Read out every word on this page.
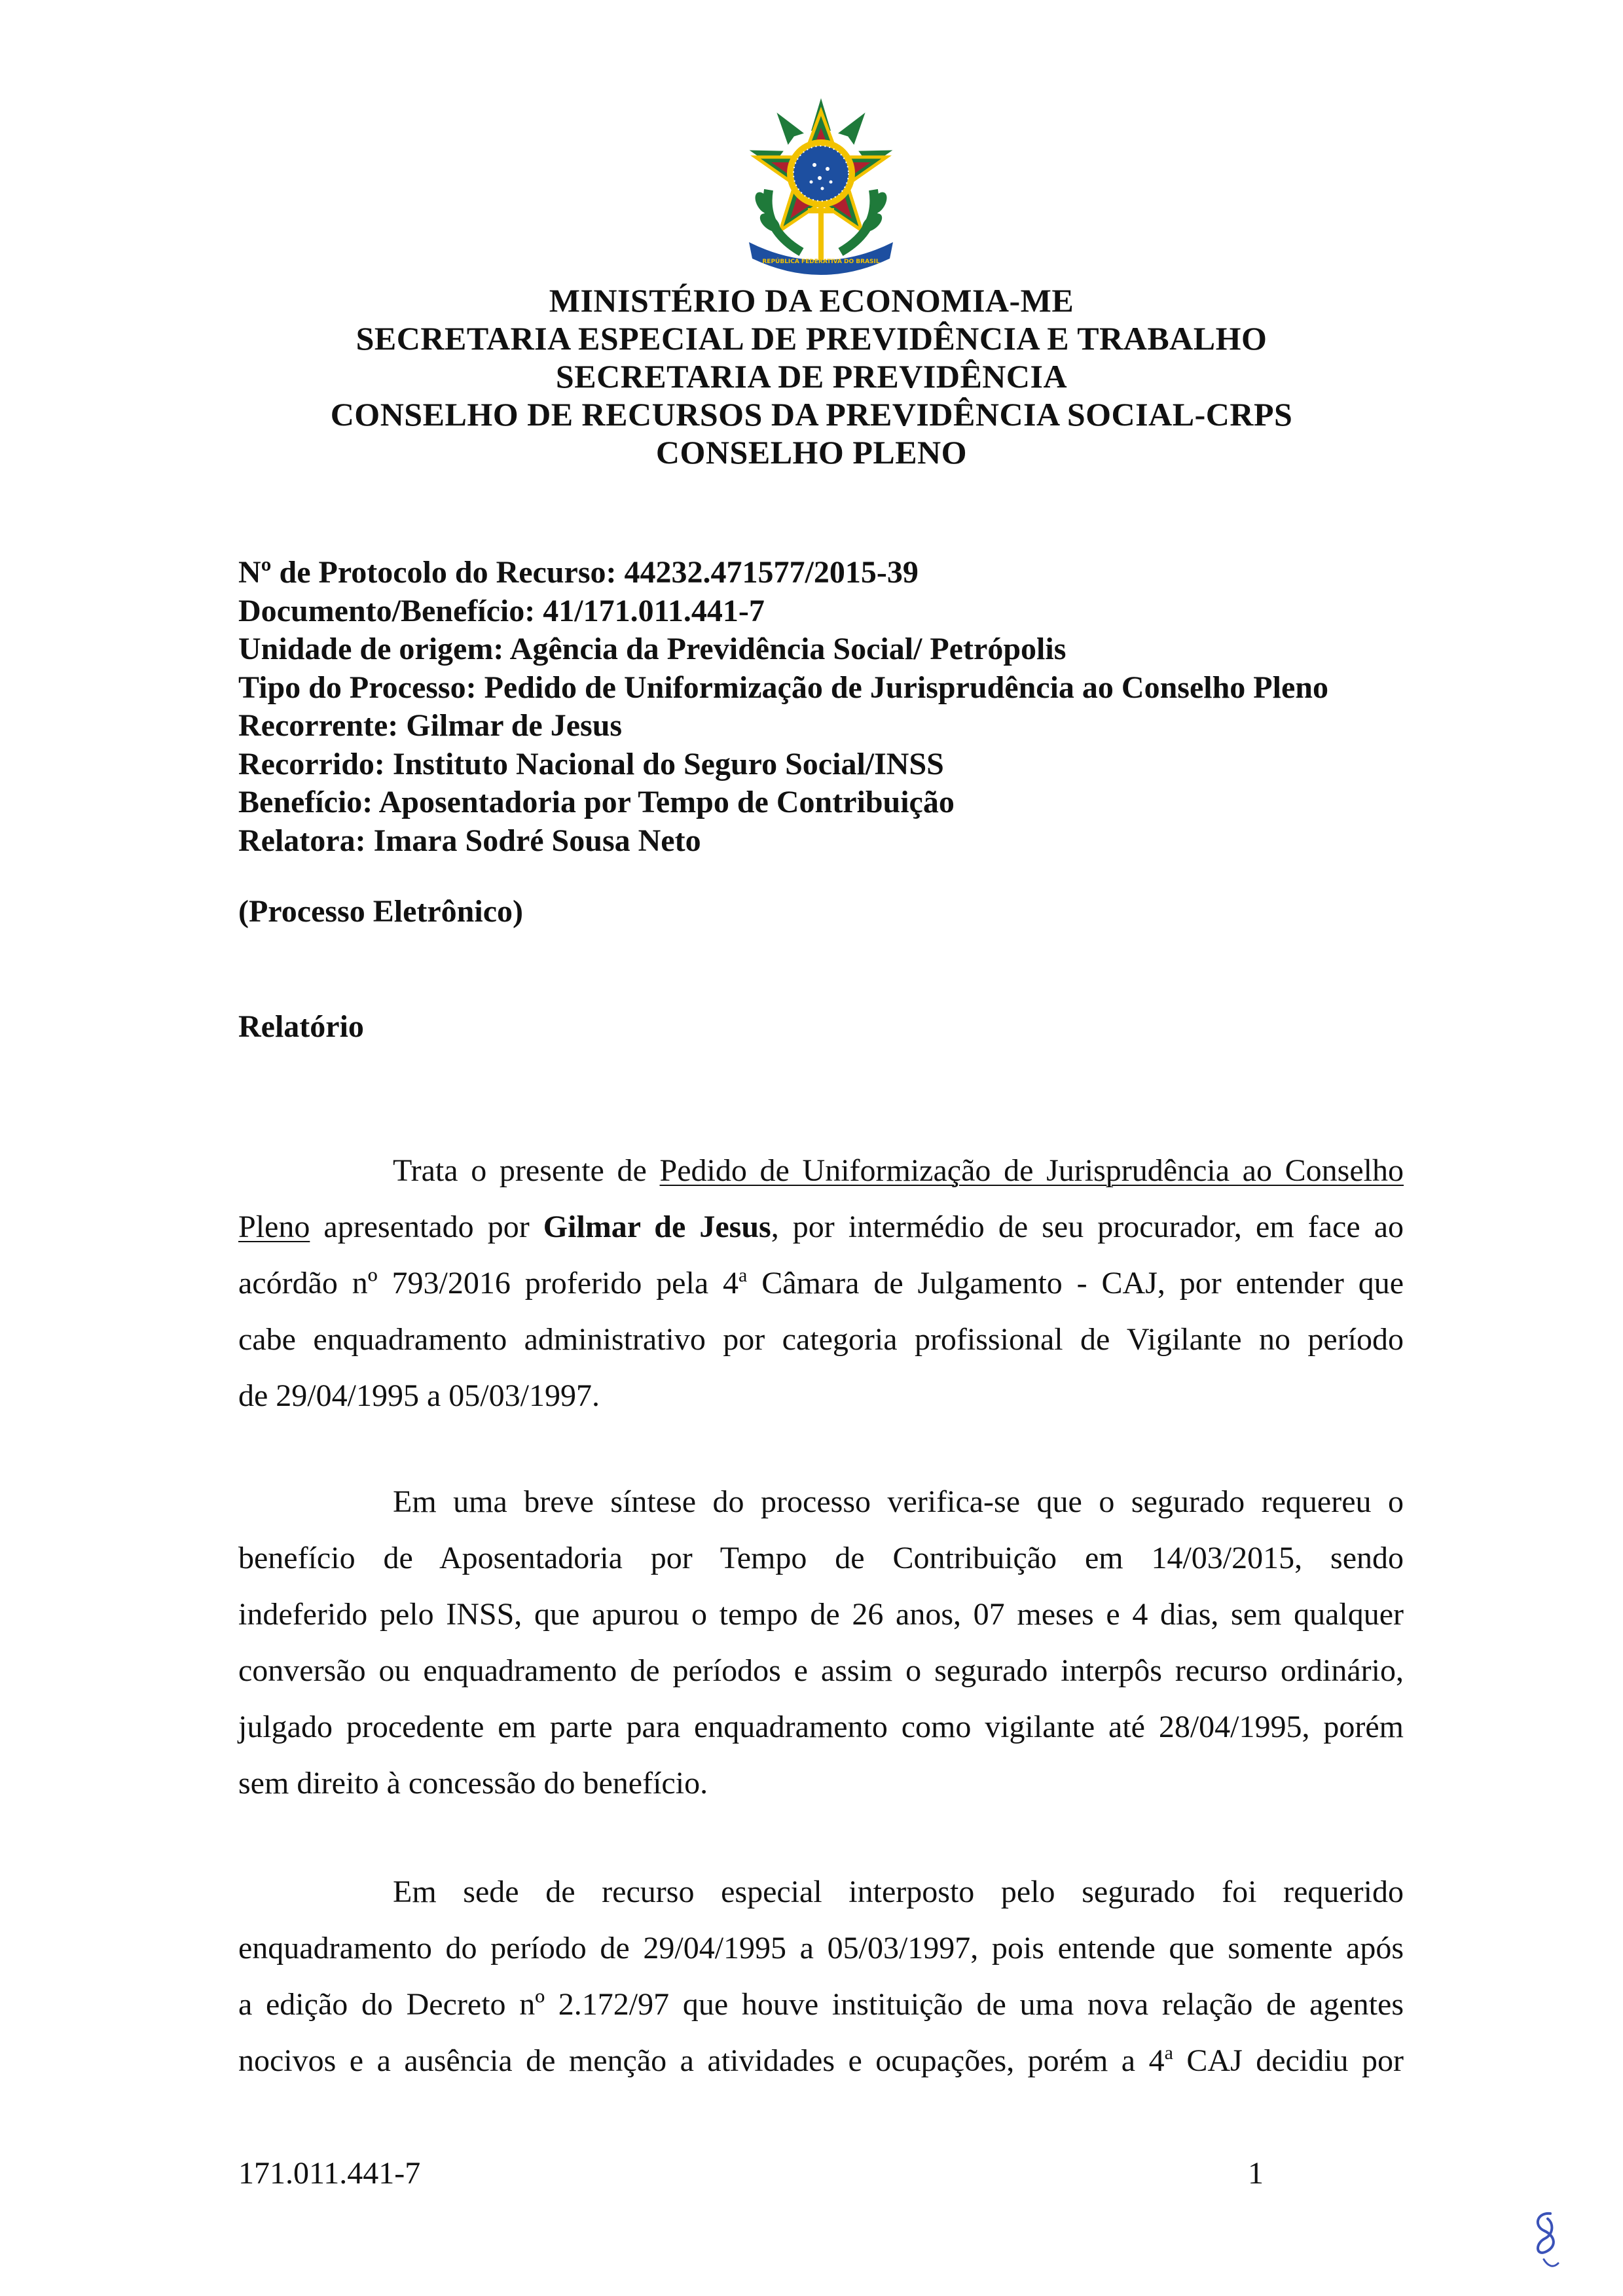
REPÚBLICA FEDERATIVA DO BRASIL
MINISTÉRIO DA ECONOMIA-ME
SECRETARIA ESPECIAL DE PREVIDÊNCIA E TRABALHO
SECRETARIA DE PREVIDÊNCIA
CONSELHO DE RECURSOS DA PREVIDÊNCIA SOCIAL-CRPS
CONSELHO PLENO
Nº de Protocolo do Recurso: 44232.471577/2015-39
Documento/Benefício: 41/171.011.441-7
Unidade de origem: Agência da Previdência Social/ Petrópolis
Tipo do Processo: Pedido de Uniformização de Jurisprudência ao Conselho Pleno
Recorrente: Gilmar de Jesus
Recorrido: Instituto Nacional do Seguro Social/INSS
Benefício: Aposentadoria por Tempo de Contribuição
Relatora: Imara Sodré Sousa Neto
(Processo Eletrônico)
Relatório
Trata o presente de Pedido de Uniformização de Jurisprudência ao Conselho
Pleno apresentado por Gilmar de Jesus, por intermédio de seu procurador, em face ao
acórdão nº 793/2016 proferido pela 4$^a$ Câmara de Julgamento - CAJ, por entender que
cabe enquadramento administrativo por categoria profissional de Vigilante no período
de 29/04/1995 a 05/03/1997.
Em uma breve síntese do processo verifica-se que o segurado requereu o
benefício de Aposentadoria por Tempo de Contribuição em 14/03/2015, sendo
indeferido pelo INSS, que apurou o tempo de 26 anos, 07 meses e 4 dias, sem qualquer
conversão ou enquadramento de períodos e assim o segurado interpôs recurso ordinário,
julgado procedente em parte para enquadramento como vigilante até 28/04/1995, porém
sem direito à concessão do benefício.
Em sede de recurso especial interposto pelo segurado foi requerido
enquadramento do período de 29/04/1995 a 05/03/1997, pois entende que somente após
a edição do Decreto nº 2.172/97 que houve instituição de uma nova relação de agentes
nocivos e a ausência de menção a atividades e ocupações, porém a 4$^a$ CAJ decidiu por
171.011.441-7	1
